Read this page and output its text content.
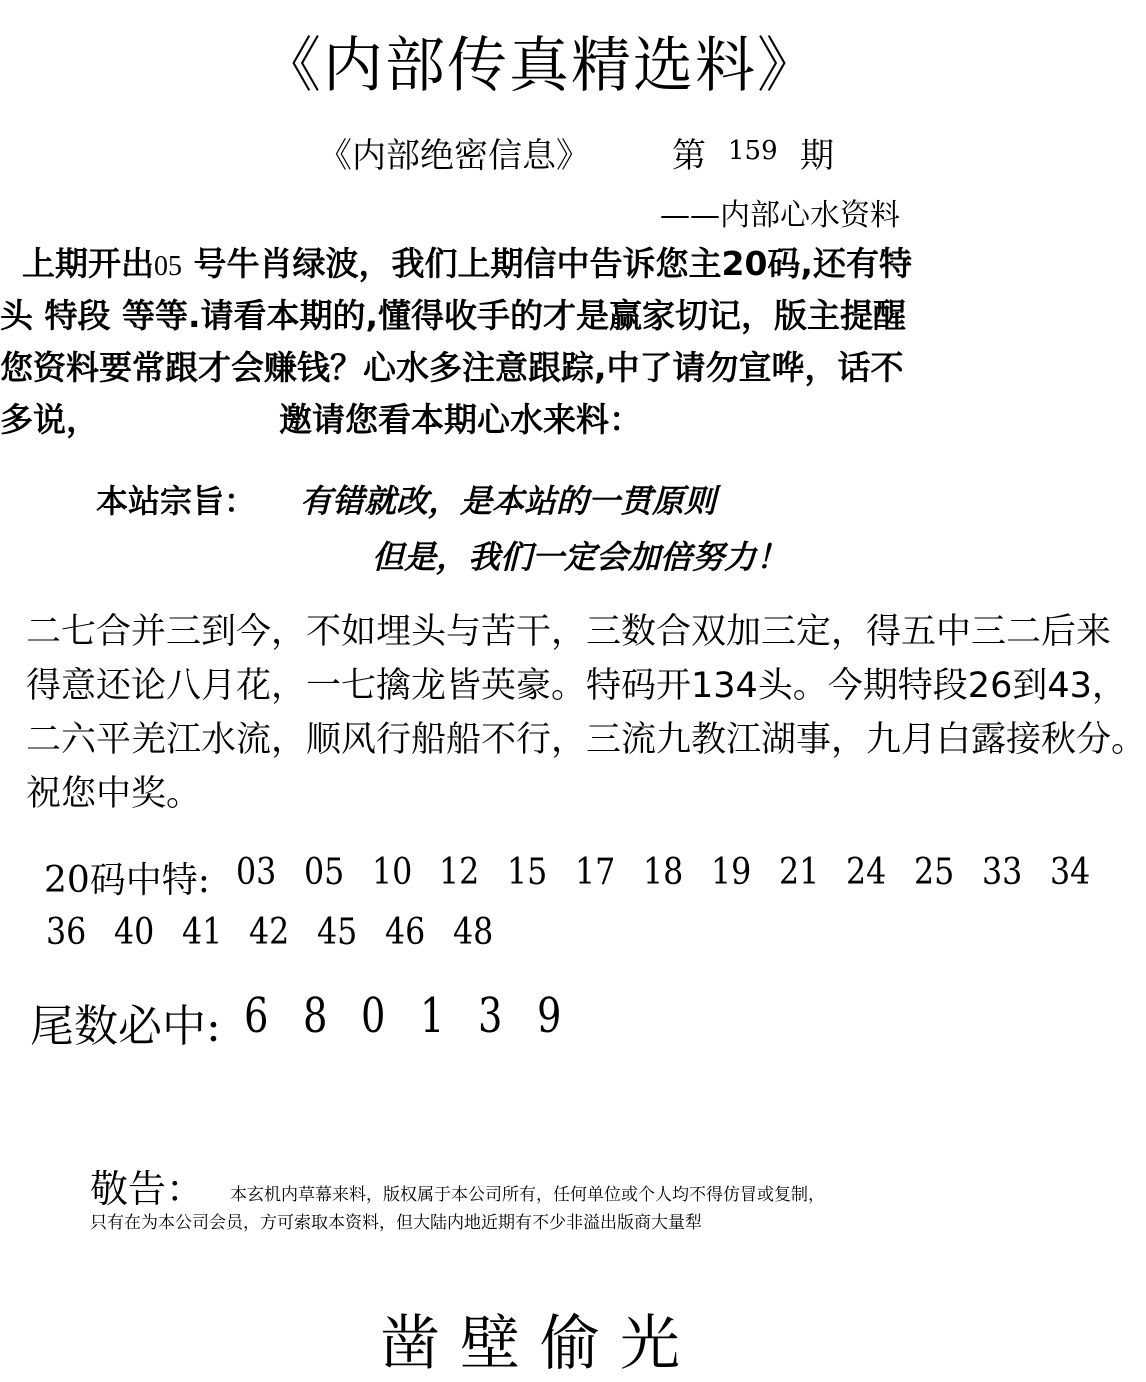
《内部传真精选料》
《内部绝密信息》 第 159 期
——内部心水资料
上期开出05 号牛肖绿波，我们上期信中告诉您主20码,还有特
头 特段 等等.请看本期的,懂得收手的才是赢家切记，版主提醒
您资料要常跟才会赚钱？心水多注意跟踪,中了请勿宣哗，话不
多说，	邀请您看本期心水来料：
本站宗旨： 有错就改，是本站的一贯原则
但是，我们一定会加倍努力！
二七合并三到今，不如埋头与苦干，三数合双加三定，得五中三二后来
得意还论八月花，一七擒龙皆英豪。特码开134头。今期特段26到43，
二六平羌江水流，顺风行船船不行，三流九教江湖事，九月白露接秋分。
祝您中奖。
20码中特: 03 05 10 12 15 17 18 19 21 24 25 33 34
36 40 41 42 45 46 48
尾数必中: 6 8 0 1 3 9
敬告： 本玄机内草幕来料，版权属于本公司所有，任何单位或个人均不得仿冒或复制，
只有在为本公司会员，方可索取本资料，但大陆内地近期有不少非溢出版商大量犁
凿壁偷光
